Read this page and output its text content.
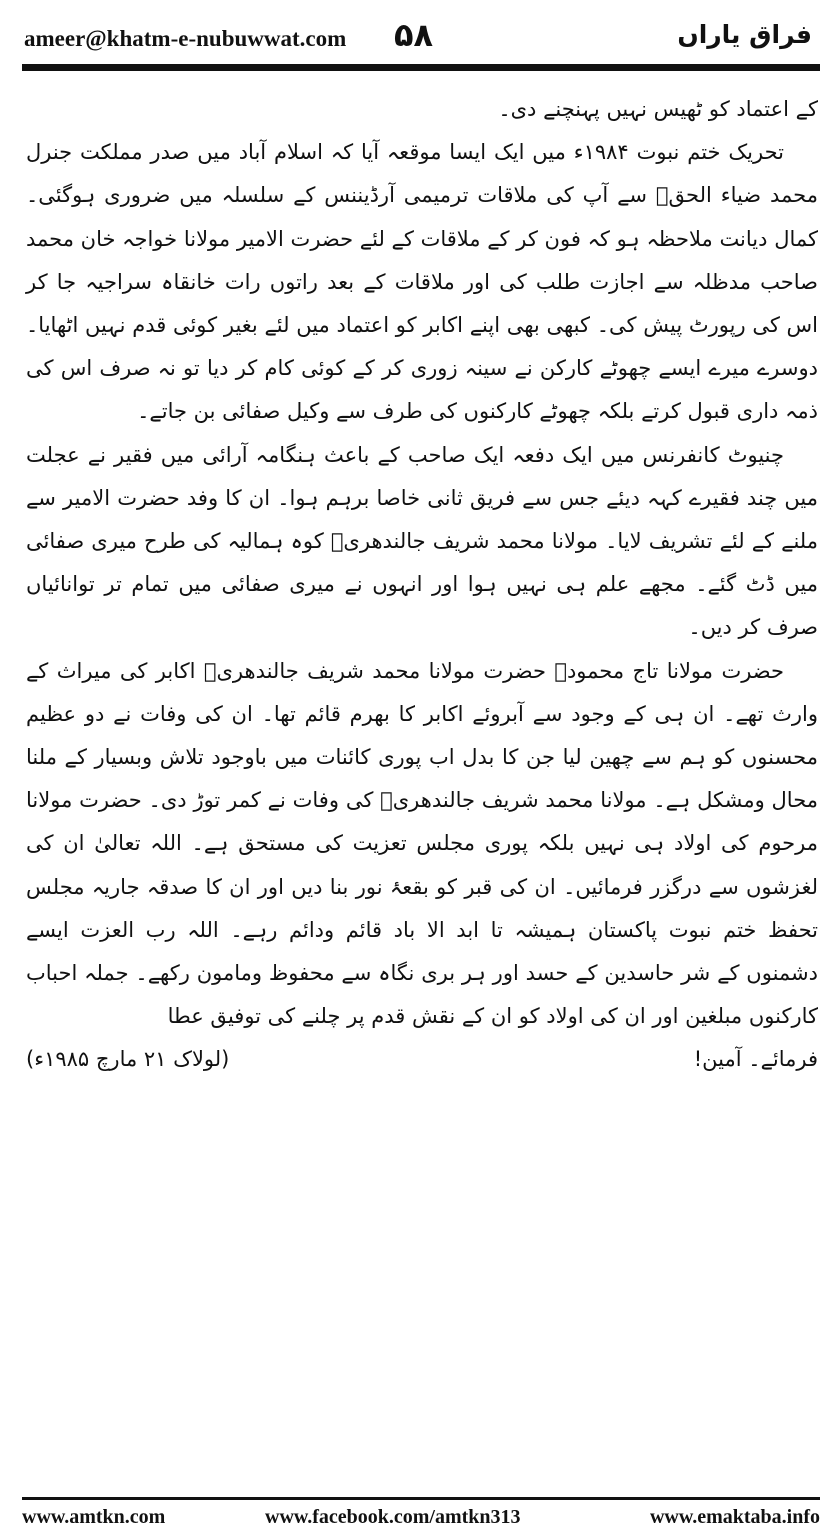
ameer@khatm-e-nubuwwat.com ۵۸	فراق یاراں

کے اعتماد کو ٹھیس نہیں پہنچنے دی۔

تحریک ختم نبوت ۱۹۸۴ء میں ایک ایسا موقعہ آیا کہ اسلام آباد میں صدر مملکت جنرل محمد ضیاء الحقؒ سے آپ کی ملاقات ترمیمی آرڈیننس کے سلسلہ میں ضروری ہوگئی۔ کمال دیانت ملاحظہ ہو کہ فون کر کے ملاقات کے لئے حضرت الامیر مولانا خواجہ خان محمد صاحب مدظلہ سے اجازت طلب کی اور ملاقات کے بعد راتوں رات خانقاہ سراجیہ جا کر اس کی رپورٹ پیش کی۔ کبھی بھی اپنے اکابر کو اعتماد میں لئے بغیر کوئی قدم نہیں اٹھایا۔ دوسرے میرے ایسے چھوٹے کارکن نے سینہ زوری کر کے کوئی کام کر دیا تو نہ صرف اس کی ذمہ داری قبول کرتے بلکہ چھوٹے کارکنوں کی طرف سے وکیل صفائی بن جاتے۔

چنیوٹ کانفرنس میں ایک دفعہ ایک صاحب کے باعث ہنگامہ آرائی میں فقیر نے عجلت میں چند فقیرے کہہ دیئے جس سے فریق ثانی خاصا برہم ہوا۔ ان کا وفد حضرت الامیر سے ملنے کے لئے تشریف لایا۔ مولانا محمد شریف جالندھریؒ کوہ ہمالیہ کی طرح میری صفائی میں ڈٹ گئے۔ مجھے علم ہی نہیں ہوا اور انہوں نے میری صفائی میں تمام تر توانائیاں صرف کر دیں۔

حضرت مولانا تاج محمودؒ حضرت مولانا محمد شریف جالندھریؒ اکابر کی میراث کے وارث تھے۔ ان ہی کے وجود سے آبروئے اکابر کا بھرم قائم تھا۔ ان کی وفات نے دو عظیم محسنوں کو ہم سے چھین لیا جن کا بدل اب پوری کائنات میں باوجود تلاش وبسیار کے ملنا محال ومشکل ہے۔ مولانا محمد شریف جالندھریؒ کی وفات نے کمر توڑ دی۔ حضرت مولانا مرحوم کی اولاد ہی نہیں بلکہ پوری مجلس تعزیت کی مستحق ہے۔ اللہ تعالیٰ ان کی لغزشوں سے درگزر فرمائیں۔ ان کی قبر کو بقعۂ نور بنا دیں اور ان کا صدقہ جاریہ مجلس تحفظ ختم نبوت پاکستان ہمیشہ تا ابد الا باد قائم ودائم رہے۔ اللہ رب العزت ایسے دشمنوں کے شر حاسدین کے حسد اور ہر بری نگاہ سے محفوظ ومامون رکھے۔ جملہ احباب کارکنوں مبلغین اور ان کی اولاد کو ان کے نقش قدم پر چلنے کی توفیق عطا

فرمائے۔ آمین!
(لولاک ۲۱ مارچ ۱۹۸۵ء)
www.amtkn.com	www.facebook.com/amtkn313	www.emaktaba.info
